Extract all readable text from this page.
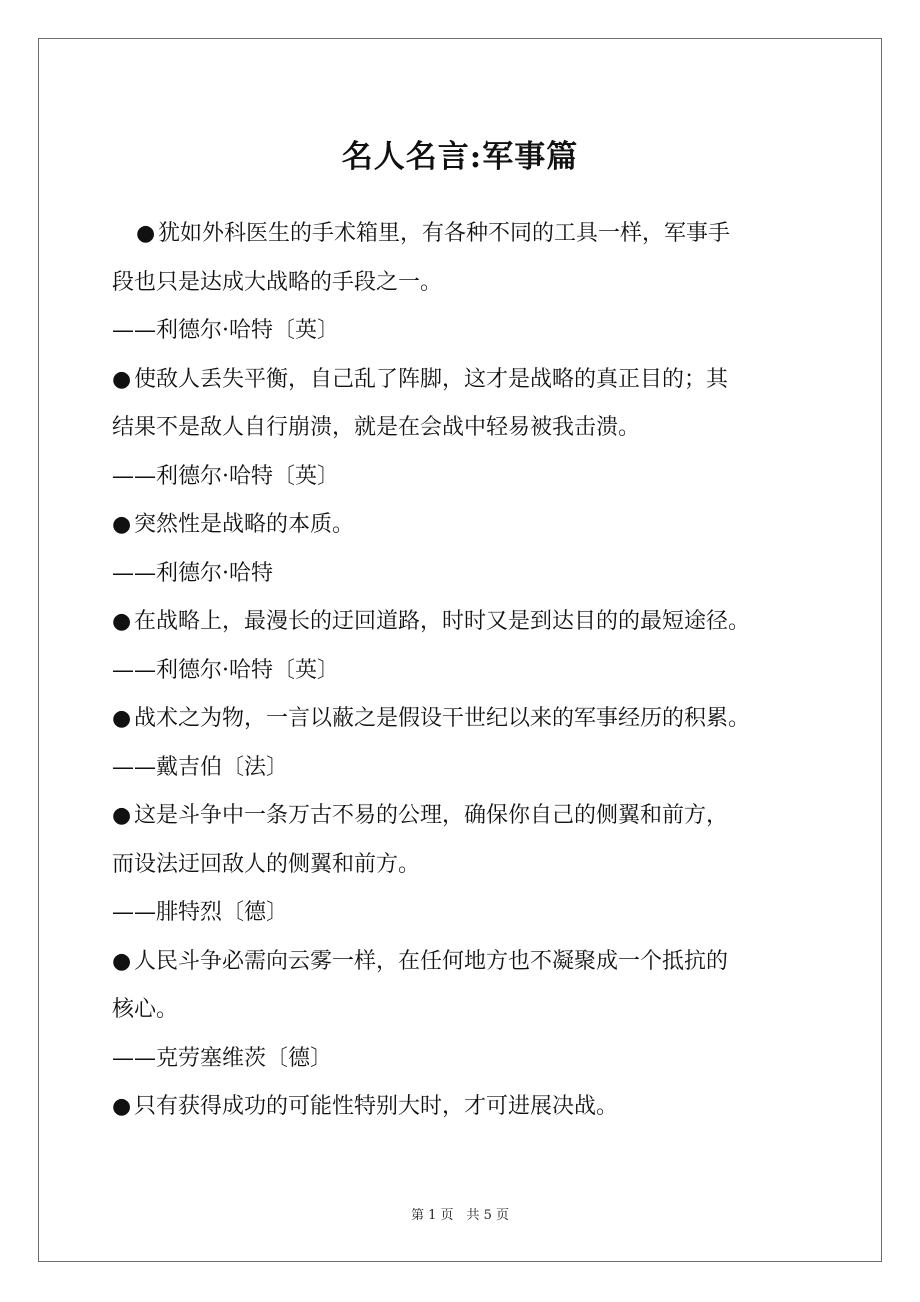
名人名言:军事篇

● 犹如外科医生的手术箱里，有各种不同的工具一样，军事手

段也只是达成大战略的手段之一。

——利德尔·哈特〔英〕

● 使敌人丢失平衡，自己乱了阵脚，这才是战略的真正目的；其

结果不是敌人自行崩溃，就是在会战中轻易被我击溃。

——利德尔·哈特〔英〕

● 突然性是战略的本质。

——利德尔·哈特

● 在战略上，最漫长的迂回道路，时时又是到达目的的最短途径。

——利德尔·哈特〔英〕

● 战术之为物，一言以蔽之是假设干世纪以来的军事经历的积累。

——戴吉伯〔法〕

● 这是斗争中一条万古不易的公理，确保你自己的侧翼和前方，

而设法迂回敌人的侧翼和前方。

——腓特烈〔德〕

● 人民斗争必需向云雾一样，在任何地方也不凝聚成一个抵抗的

核心。

——克劳塞维茨〔德〕

● 只有获得成功的可能性特别大时，才可进展决战。

第 1 页　共 5 页
